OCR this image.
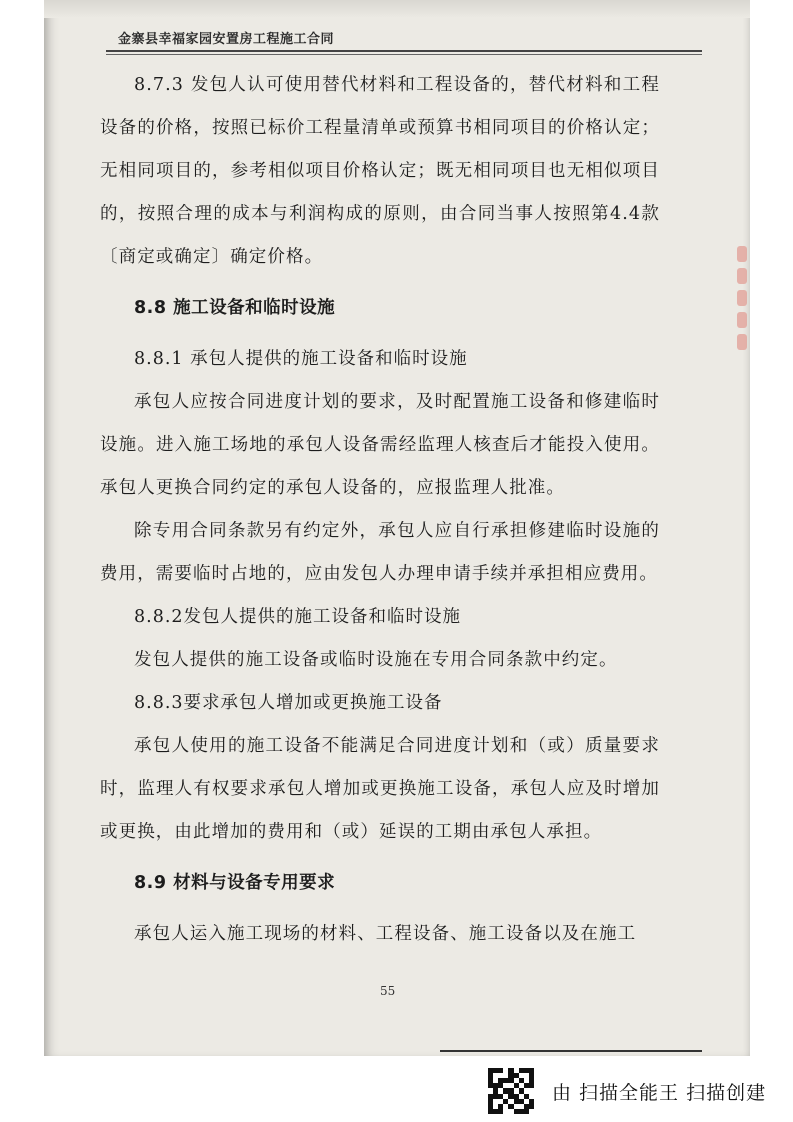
金寨县幸福家园安置房工程施工合同

8.7.3 发包人认可使用替代材料和工程设备的，替代材料和工程设备的价格，按照已标价工程量清单或预算书相同项目的价格认定；无相同项目的，参考相似项目价格认定；既无相同项目也无相似项目的，按照合理的成本与利润构成的原则，由合同当事人按照第4.4款〔商定或确定〕确定价格。

8.8 施工设备和临时设施

8.8.1 承包人提供的施工设备和临时设施

承包人应按合同进度计划的要求，及时配置施工设备和修建临时设施。进入施工场地的承包人设备需经监理人核查后才能投入使用。承包人更换合同约定的承包人设备的，应报监理人批准。

除专用合同条款另有约定外，承包人应自行承担修建临时设施的费用，需要临时占地的，应由发包人办理申请手续并承担相应费用。

8.8.2发包人提供的施工设备和临时设施

发包人提供的施工设备或临时设施在专用合同条款中约定。

8.8.3要求承包人增加或更换施工设备

承包人使用的施工设备不能满足合同进度计划和（或）质量要求时，监理人有权要求承包人增加或更换施工设备，承包人应及时增加或更换，由此增加的费用和（或）延误的工期由承包人承担。

8.9 材料与设备专用要求

承包人运入施工现场的材料、工程设备、施工设备以及在施工

55
由 扫描全能王 扫描创建
